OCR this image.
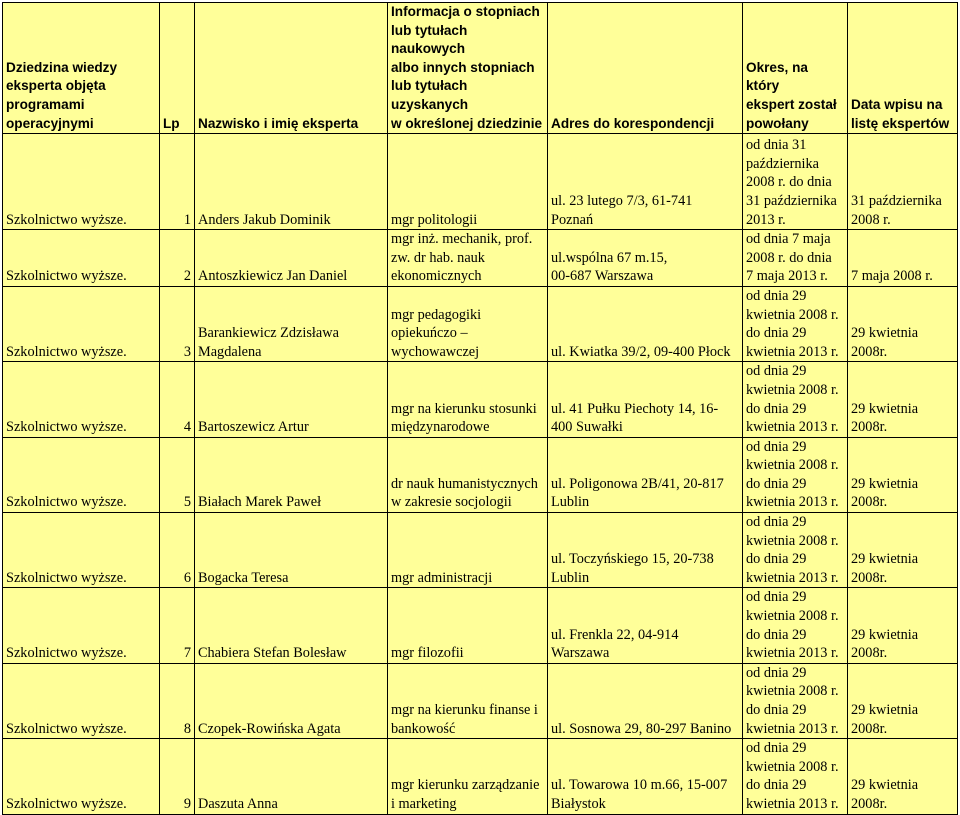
Dziedzina wiedzy
eksperta objęta
programami
operacyjnymi	Lp	Nazwisko i imię eksperta	Informacja o stopniach
lub tytułach naukowych
albo innych stopniach
lub tytułach uzyskanych
w określonej dziedzinie	Adres do korespondencji	Okres, na który
ekspert został
powołany	Data wpisu na
listę ekspertów
Szkolnictwo wyższe.	1	Anders Jakub Dominik	mgr politologii	ul. 23 lutego 7/3, 61-741
Poznań	od dnia 31
października
2008 r. do dnia
31 października
2013 r.	31 października
2008 r.
Szkolnictwo wyższe.	2	Antoszkiewicz Jan Daniel	mgr inż. mechanik, prof.
zw. dr hab. nauk
ekonomicznych	ul.wspólna 67 m.15,
00-687 Warszawa	od dnia 7 maja
2008 r. do dnia
7 maja 2013 r.	7 maja 2008 r.
Szkolnictwo wyższe.	3	Barankiewicz Zdzisława
Magdalena	mgr pedagogiki
opiekuńczo –
wychowawczej	ul. Kwiatka 39/2, 09-400 Płock	od dnia 29
kwietnia 2008 r.
do dnia 29
kwietnia 2013 r.	29 kwietnia
2008r.
Szkolnictwo wyższe.	4	Bartoszewicz Artur	mgr na kierunku stosunki
międzynarodowe	ul. 41 Pułku Piechoty 14, 16-
400 Suwałki	od dnia 29
kwietnia 2008 r.
do dnia 29
kwietnia 2013 r.	29 kwietnia
2008r.
Szkolnictwo wyższe.	5	Białach Marek Paweł	dr nauk humanistycznych
w zakresie socjologii	ul. Poligonowa 2B/41, 20-817
Lublin	od dnia 29
kwietnia 2008 r.
do dnia 29
kwietnia 2013 r.	29 kwietnia
2008r.
Szkolnictwo wyższe.	6	Bogacka Teresa	mgr administracji	ul. Toczyńskiego 15, 20-738
Lublin	od dnia 29
kwietnia 2008 r.
do dnia 29
kwietnia 2013 r.	29 kwietnia
2008r.
Szkolnictwo wyższe.	7	Chabiera Stefan Bolesław	mgr filozofii	ul. Frenkla 22, 04-914
Warszawa	od dnia 29
kwietnia 2008 r.
do dnia 29
kwietnia 2013 r.	29 kwietnia
2008r.
Szkolnictwo wyższe.	8	Czopek-Rowińska Agata	mgr na kierunku finanse i
bankowość	ul. Sosnowa 29, 80-297 Banino	od dnia 29
kwietnia 2008 r.
do dnia 29
kwietnia 2013 r.	29 kwietnia
2008r.
Szkolnictwo wyższe.	9	Daszuta Anna	mgr kierunku zarządzanie
i marketing	ul. Towarowa 10 m.66, 15-007
Białystok	od dnia 29
kwietnia 2008 r.
do dnia 29
kwietnia 2013 r.	29 kwietnia
2008r.
